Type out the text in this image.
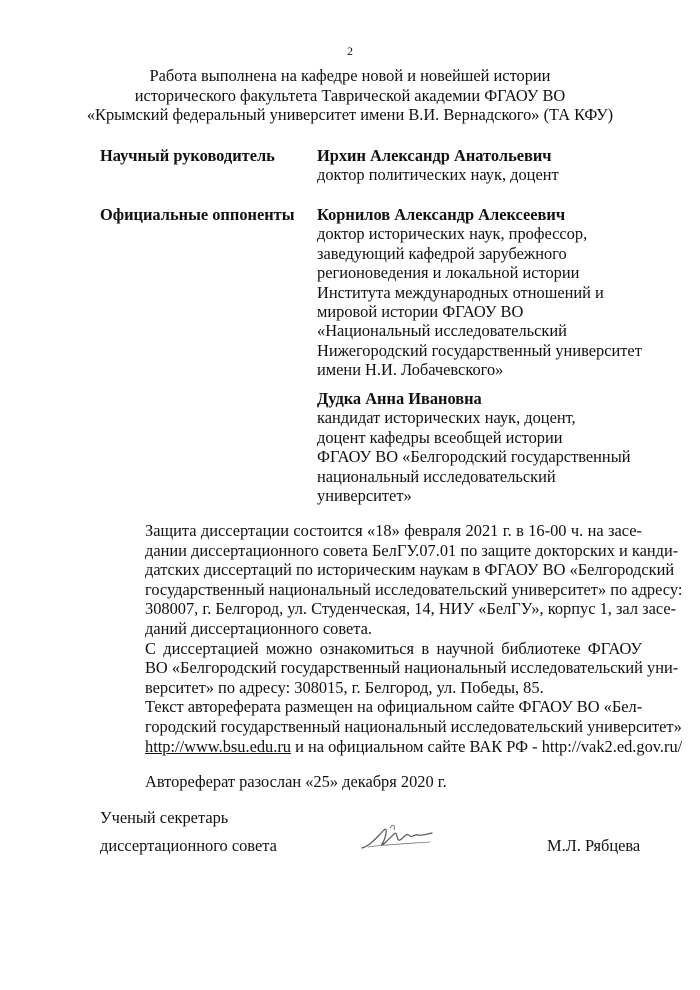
2
Работа выполнена на кафедре новой и новейшей истории
исторического факультета Таврической академии ФГАОУ ВО
«Крымский федеральный университет имени В.И. Вернадского» (ТА КФУ)
Научный руководитель	Ирхин Александр Анатольевич
доктор политических наук, доцент
Официальные оппоненты Корнилов Александр Алексеевич
доктор исторических наук, профессор,
заведующий кафедрой зарубежного
регионоведения и локальной истории
Института международных отношений и
мировой истории ФГАОУ ВО
«Национальный исследовательский
Нижегородский государственный университет
имени Н.И. Лобачевского»
Дудка Анна Ивановна
кандидат исторических наук, доцент,
доцент кафедры всеобщей истории
ФГАОУ ВО «Белгородский государственный
национальный исследовательский
университет»
Защита диссертации состоится «18» февраля 2021 г. в 16-00 ч. на засе-
дании диссертационного совета БелГУ.07.01 по защите докторских и канди-
датских диссертаций по историческим наукам в ФГАОУ ВО «Белгородский
государственный национальный исследовательский университет» по адресу:
308007, г. Белгород, ул. Студенческая, 14, НИУ «БелГУ», корпус 1, зал засе-
даний диссертационного совета.
С диссертацией можно ознакомиться в научной библиотеке ФГАОУ
ВО «Белгородский государственный национальный исследовательский уни-
верситет» по адресу: 308015, г. Белгород, ул. Победы, 85.
Текст автореферата размещен на официальном сайте ФГАОУ ВО «Бел-
городский государственный национальный исследовательский университет»
http://www.bsu.edu.ru и на официальном сайте ВАК РФ - http://vak2.ed.gov.ru/
Автореферат разослан «25» декабря 2020 г.
Ученый секретарь
диссертационного совета	М.Л. Рябцева
